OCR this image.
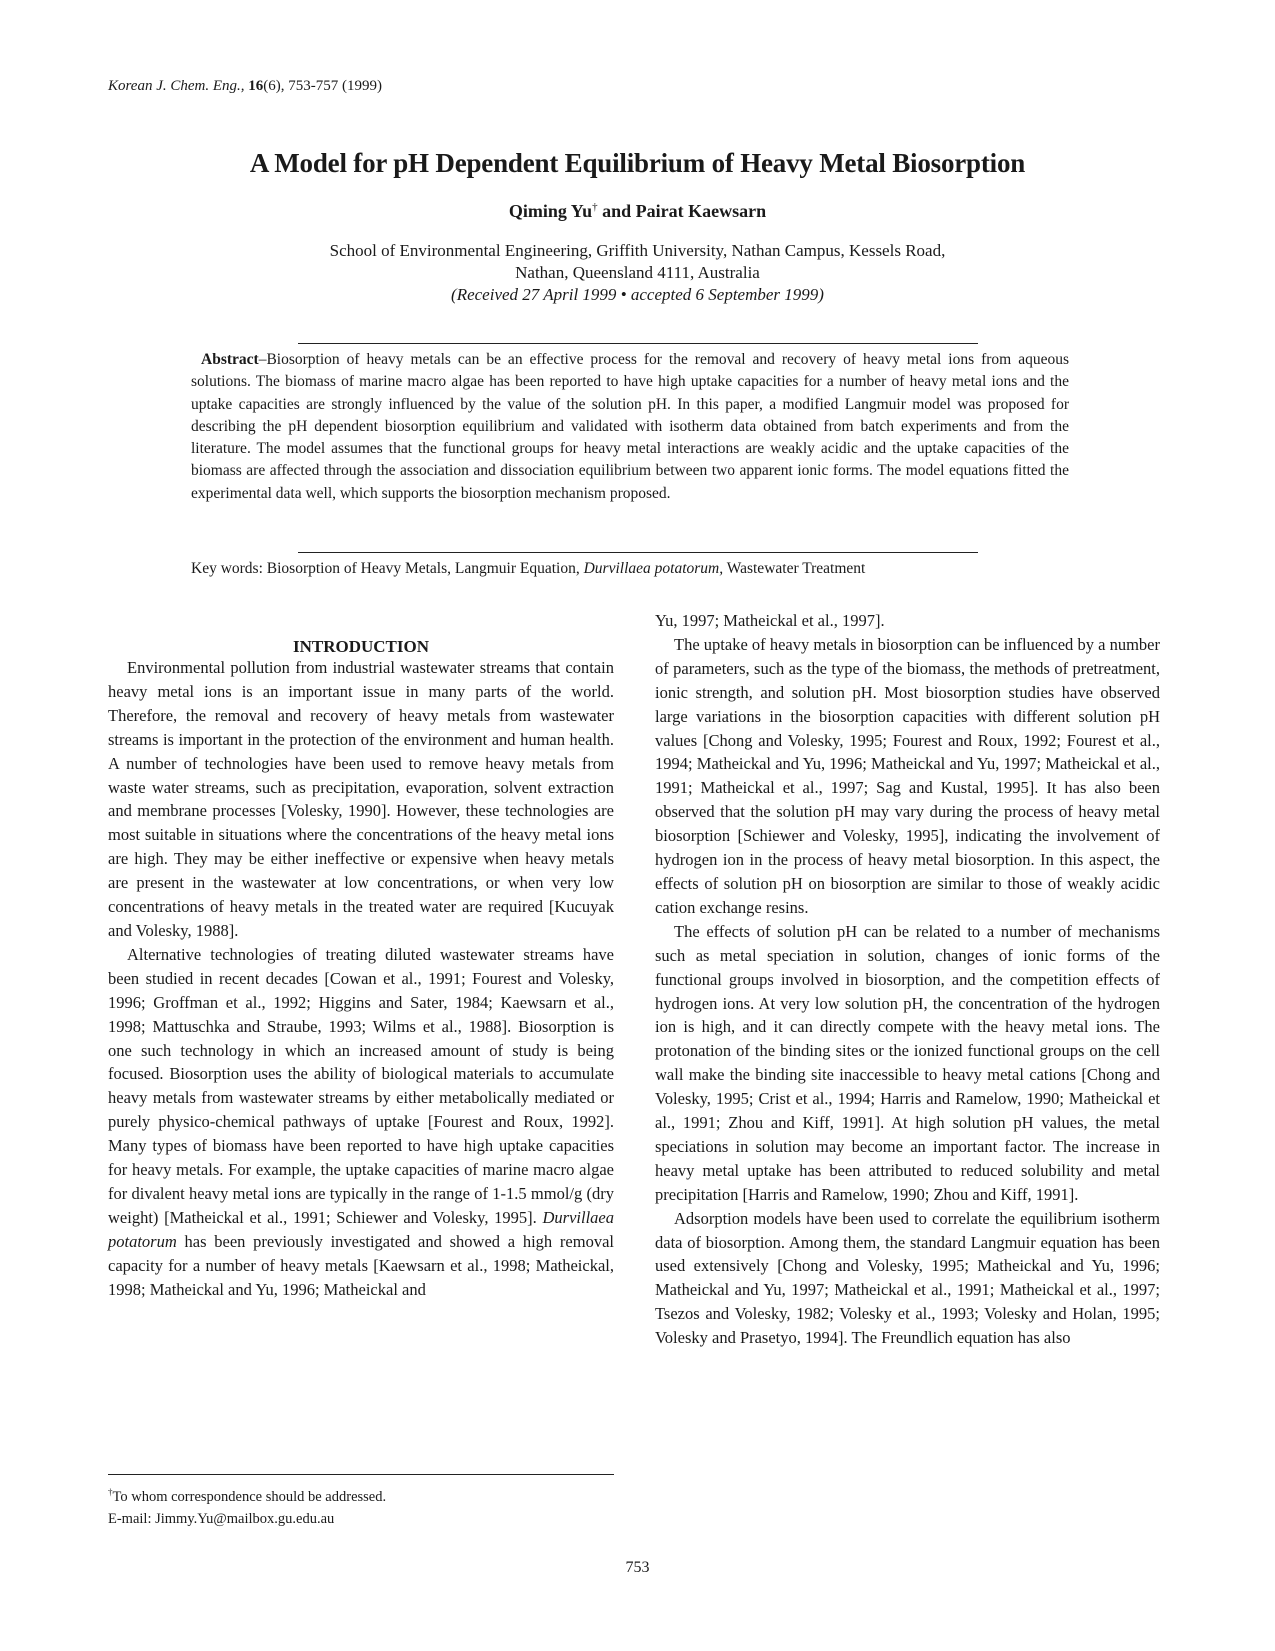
Korean J. Chem. Eng., 16(6), 753-757 (1999)
A Model for pH Dependent Equilibrium of Heavy Metal Biosorption
Qiming Yu† and Pairat Kaewsarn
School of Environmental Engineering, Griffith University, Nathan Campus, Kessels Road,
Nathan, Queensland 4111, Australia
(Received 27 April 1999 • accepted 6 September 1999)
Abstract–Biosorption of heavy metals can be an effective process for the removal and recovery of heavy metal ions from aqueous solutions. The biomass of marine macro algae has been reported to have high uptake capacities for a number of heavy metal ions and the uptake capacities are strongly influenced by the value of the solution pH. In this paper, a modified Langmuir model was proposed for describing the pH dependent biosorption equilibrium and validated with isotherm data obtained from batch experiments and from the literature. The model assumes that the functional groups for heavy metal interactions are weakly acidic and the uptake capacities of the biomass are affected through the association and dissociation equilibrium between two apparent ionic forms. The model equations fitted the experimental data well, which supports the biosorption mechanism proposed.
Key words: Biosorption of Heavy Metals, Langmuir Equation, Durvillaea potatorum, Wastewater Treatment
INTRODUCTION

Environmental pollution from industrial wastewater streams that contain heavy metal ions is an important issue in many parts of the world. Therefore, the removal and recovery of heavy metals from wastewater streams is important in the protection of the environment and human health. A number of technologies have been used to remove heavy metals from waste water streams, such as precipitation, evaporation, solvent extraction and membrane processes [Volesky, 1990]. However, these technologies are most suitable in situations where the concentrations of the heavy metal ions are high. They may be either ineffective or expensive when heavy metals are present in the wastewater at low concentrations, or when very low concentrations of heavy metals in the treated water are required [Kucuyak and Volesky, 1988].

Alternative technologies of treating diluted wastewater streams have been studied in recent decades [Cowan et al., 1991; Fourest and Volesky, 1996; Groffman et al., 1992; Higgins and Sater, 1984; Kaewsarn et al., 1998; Mattuschka and Straube, 1993; Wilms et al., 1988]. Biosorption is one such technology in which an increased amount of study is being focused. Biosorption uses the ability of biological materials to accumulate heavy metals from wastewater streams by either metabolically mediated or purely physico-chemical pathways of uptake [Fourest and Roux, 1992]. Many types of biomass have been reported to have high uptake capacities for heavy metals. For example, the uptake capacities of marine macro algae for divalent heavy metal ions are typically in the range of 1-1.5 mmol/g (dry weight) [Matheickal et al., 1991; Schiewer and Volesky, 1995]. Durvillaea potatorum has been previously investigated and showed a high removal capacity for a number of heavy metals [Kaewsarn et al., 1998; Matheickal, 1998; Matheickal and Yu, 1996; Matheickal and

Yu, 1997; Matheickal et al., 1997].

The uptake of heavy metals in biosorption can be influenced by a number of parameters, such as the type of the biomass, the methods of pretreatment, ionic strength, and solution pH. Most biosorption studies have observed large variations in the biosorption capacities with different solution pH values [Chong and Volesky, 1995; Fourest and Roux, 1992; Fourest et al., 1994; Matheickal and Yu, 1996; Matheickal and Yu, 1997; Matheickal et al., 1991; Matheickal et al., 1997; Sag and Kustal, 1995]. It has also been observed that the solution pH may vary during the process of heavy metal biosorption [Schiewer and Volesky, 1995], indicating the involvement of hydrogen ion in the process of heavy metal biosorption. In this aspect, the effects of solution pH on biosorption are similar to those of weakly acidic cation exchange resins.

The effects of solution pH can be related to a number of mechanisms such as metal speciation in solution, changes of ionic forms of the functional groups involved in biosorption, and the competition effects of hydrogen ions. At very low solution pH, the concentration of the hydrogen ion is high, and it can directly compete with the heavy metal ions. The protonation of the binding sites or the ionized functional groups on the cell wall make the binding site inaccessible to heavy metal cations [Chong and Volesky, 1995; Crist et al., 1994; Harris and Ramelow, 1990; Matheickal et al., 1991; Zhou and Kiff, 1991]. At high solution pH values, the metal speciations in solution may become an important factor. The increase in heavy metal uptake has been attributed to reduced solubility and metal precipitation [Harris and Ramelow, 1990; Zhou and Kiff, 1991].

Adsorption models have been used to correlate the equilibrium isotherm data of biosorption. Among them, the standard Langmuir equation has been used extensively [Chong and Volesky, 1995; Matheickal and Yu, 1996; Matheickal and Yu, 1997; Matheickal et al., 1991; Matheickal et al., 1997; Tsezos and Volesky, 1982; Volesky et al., 1993; Volesky and Holan, 1995; Volesky and Prasetyo, 1994]. The Freundlich equation has also

†To whom correspondence should be addressed.
E-mail: Jimmy.Yu@mailbox.gu.edu.au
753
